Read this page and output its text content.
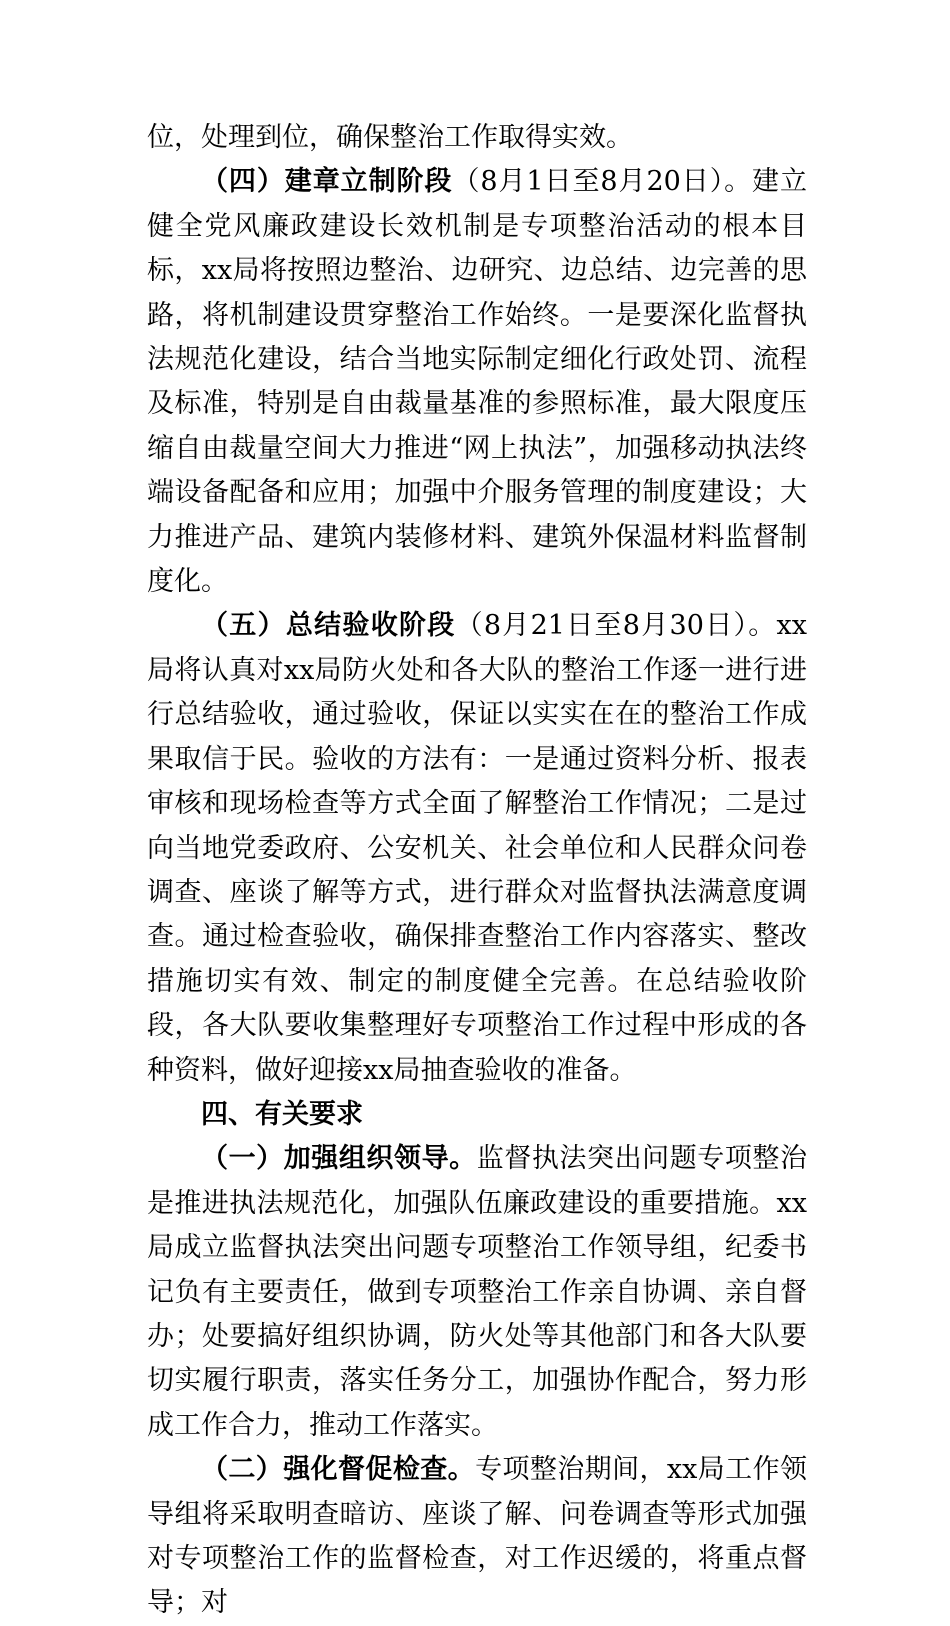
位，处理到位，确保整治工作取得实效。

（四）建章立制阶段（8月1日至8月20日）。建立健全党风廉政建设长效机制是专项整治活动的根本目标，xx局将按照边整治、边研究、边总结、边完善的思路，将机制建设贯穿整治工作始终。一是要深化监督执法规范化建设，结合当地实际制定细化行政处罚、流程及标准，特别是自由裁量基准的参照标准，最大限度压缩自由裁量空间大力推进“网上执法”，加强移动执法终端设备配备和应用；加强中介服务管理的制度建设；大力推进产品、建筑内装修材料、建筑外保温材料监督制度化。

（五）总结验收阶段（8月21日至8月30日）。xx局将认真对xx局防火处和各大队的整治工作逐一进行进行总结验收，通过验收，保证以实实在在的整治工作成果取信于民。验收的方法有：一是通过资料分析、报表审核和现场检查等方式全面了解整治工作情况；二是过向当地党委政府、公安机关、社会单位和人民群众问卷调查、座谈了解等方式，进行群众对监督执法满意度调查。通过检查验收，确保排查整治工作内容落实、整改措施切实有效、制定的制度健全完善。在总结验收阶段，各大队要收集整理好专项整治工作过程中形成的各种资料，做好迎接xx局抽查验收的准备。

四、有关要求

（一）加强组织领导。监督执法突出问题专项整治是推进执法规范化，加强队伍廉政建设的重要措施。xx局成立监督执法突出问题专项整治工作领导组，纪委书记负有主要责任，做到专项整治工作亲自协调、亲自督办；处要搞好组织协调，防火处等其他部门和各大队要切实履行职责，落实任务分工，加强协作配合，努力形成工作合力，推动工作落实。

（二）强化督促检查。专项整治期间，xx局工作领导组将采取明查暗访、座谈了解、问卷调查等形式加强对专项整治工作的监督检查，对工作迟缓的，将重点督导；对
